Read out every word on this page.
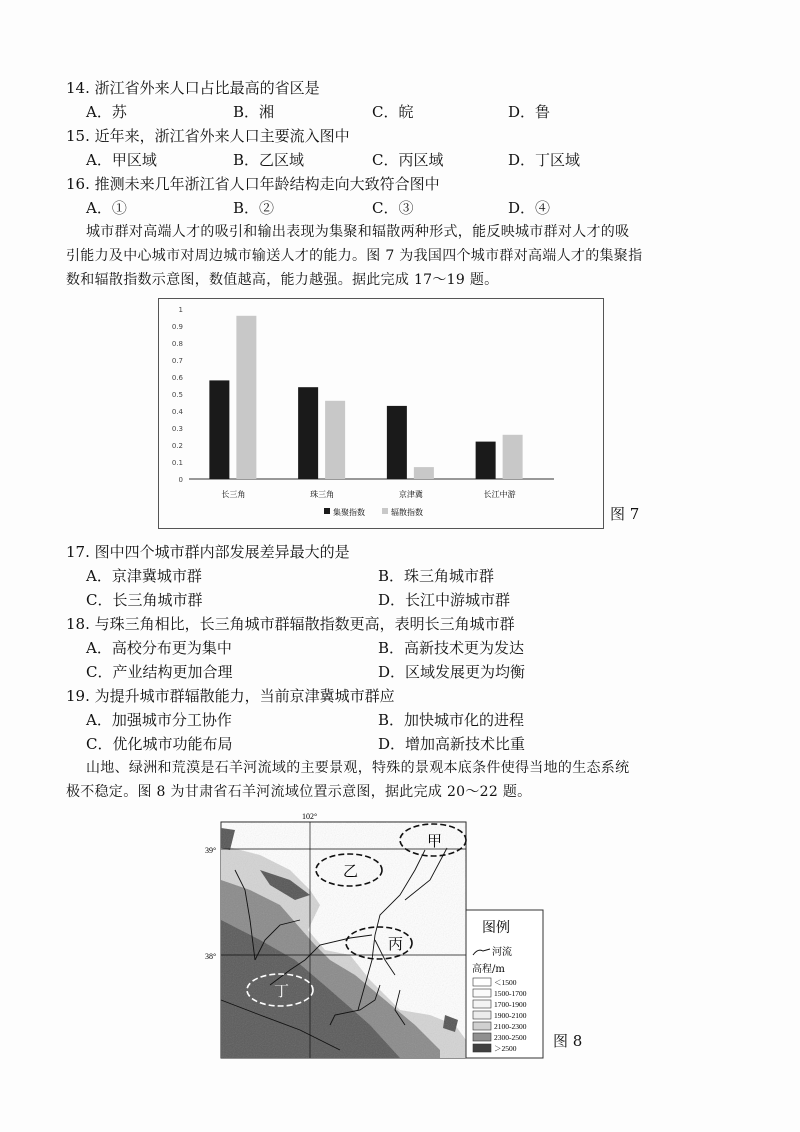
14. 浙江省外来人口占比最高的省区是
A．苏	B．湘	C．皖	D．鲁
15. 近年来，浙江省外来人口主要流入图中
A．甲区域	B．乙区域	C．丙区域	D．丁区域
16. 推测未来几年浙江省人口年龄结构走向大致符合图中
A．①	B．②	C．③	D．④
城市群对高端人才的吸引和输出表现为集聚和辐散两种形式，能反映城市群对人才的吸
引能力及中心城市对周边城市输送人才的能力。图 7 为我国四个城市群对高端人才的集聚指
数和辐散指数示意图，数值越高，能力越强。据此完成 17～19 题。
0
0.1
0.2
0.3
0.4
0.5
0.6
0.7
0.8
0.9
1
长三角	珠三角	京津冀	长江中游
集聚指数	辐散指数	图 7
17. 图中四个城市群内部发展差异最大的是
A．京津冀城市群	B．珠三角城市群
C．长三角城市群	D．长江中游城市群
18. 与珠三角相比，长三角城市群辐散指数更高，表明长三角城市群
A．高校分布更为集中	B．高新技术更为发达
C．产业结构更加合理	D．区域发展更为均衡
19. 为提升城市群辐散能力，当前京津冀城市群应
A．加强城市分工协作	B．加快城市化的进程
C．优化城市功能布局	D．增加高新技术比重
山地、绿洲和荒漠是石羊河流域的主要景观，特殊的景观本底条件使得当地的生态系统
极不稳定。图 8 为甘肃省石羊河流域位置示意图，据此完成 20～22 题。
102°
39°
38°
甲
乙
丙
丁
图例
河流
高程/m
＜1500
1500-1700
1700-1900
1900-2100
2100-2300
2300-2500
＞2500 图 8
